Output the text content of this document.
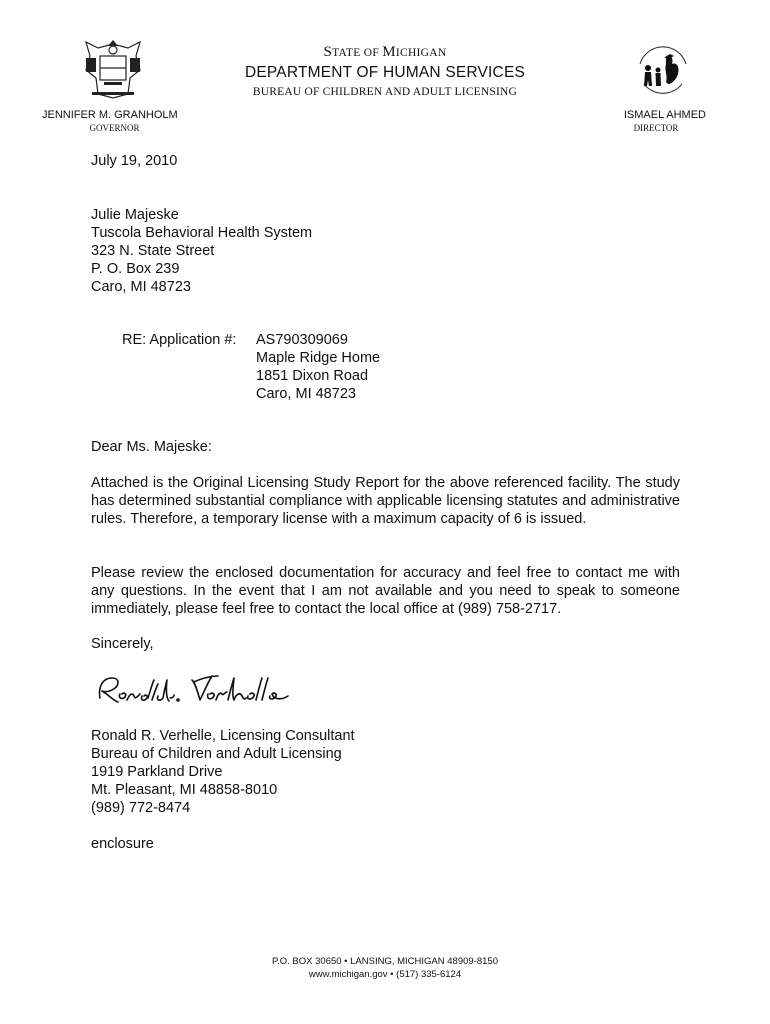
STATE OF MICHIGAN
DEPARTMENT OF HUMAN SERVICES
BUREAU OF CHILDREN AND ADULT LICENSING
JENNIFER M. GRANHOLM
GOVERNOR
ISMAEL AHMED
DIRECTOR
July 19, 2010
Julie Majeske
Tuscola Behavioral Health System
323 N. State Street
P. O. Box 239
Caro, MI 48723
RE: Application #: AS790309069
Maple Ridge Home
1851 Dixon Road
Caro, MI 48723
Dear Ms. Majeske:

Attached is the Original Licensing Study Report for the above referenced facility. The study has determined substantial compliance with applicable licensing statutes and administrative rules. Therefore, a temporary license with a maximum capacity of 6 is issued.

Please review the enclosed documentation for accuracy and feel free to contact me with any questions. In the event that I am not available and you need to speak to someone immediately, please feel free to contact the local office at (989) 758-2717.

Sincerely,
Ronald R. Verhelle, Licensing Consultant
Bureau of Children and Adult Licensing
1919 Parkland Drive
Mt. Pleasant, MI 48858-8010
(989) 772-8474
enclosure
P.O. BOX 30650 • LANSING, MICHIGAN 48909-8150
www.michigan.gov • (517) 335-6124
